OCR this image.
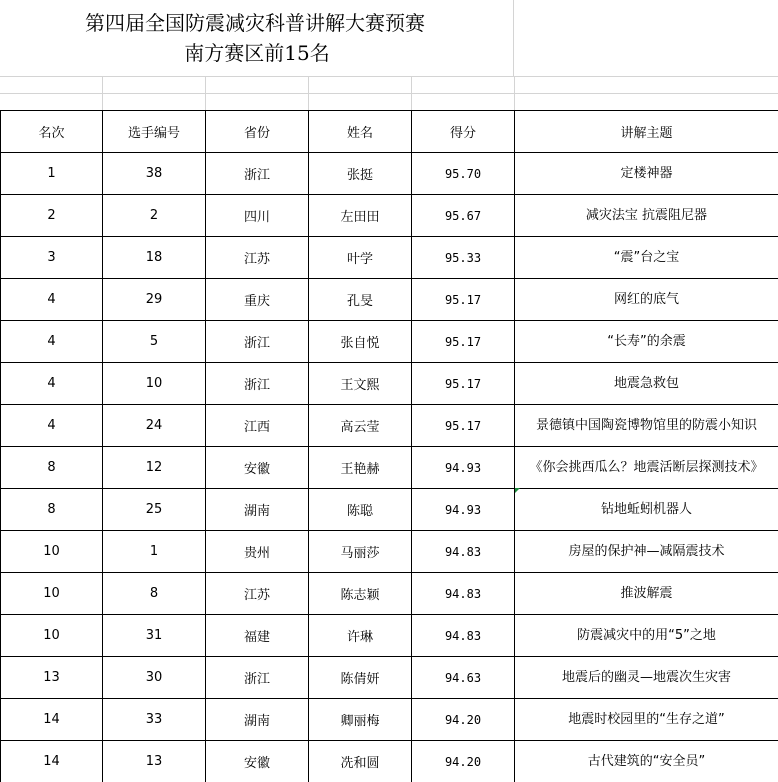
第四届全国防震减灾科普讲解大赛预赛
南方赛区前15名
名次	选手编号	省份	姓名	得分	讲解主题
1	38	浙江	张挺	95.70	定楼神器
2	2	四川	左田田	95.67	减灾法宝 抗震阻尼器
3	18	江苏	叶学	95.33	“震”台之宝
4	29	重庆	孔旻	95.17	网红的底气
4	5	浙江	张自悦	95.17	“长寿”的余震
4	10	浙江	王文熙	95.17	地震急救包
4	24	江西	高云莹	95.17	景德镇中国陶瓷博物馆里的防震小知识
8	12	安徽	王艳赫	94.93	《你会挑西瓜么？地震活断层探测技术》
8	25	湖南	陈聪	94.93	钻地蚯蚓机器人
10	1	贵州	马丽莎	94.83	房屋的保护神—减隔震技术
10	8	江苏	陈志颖	94.83	推波解震
10	31	福建	许琳	94.83	防震减灾中的用“5”之地
13	30	浙江	陈倩妍	94.63	地震后的幽灵—地震次生灾害
14	33	湖南	卿丽梅	94.20	地震时校园里的“生存之道”
14	13	安徽	冼和圆	94.20	古代建筑的“安全员”
